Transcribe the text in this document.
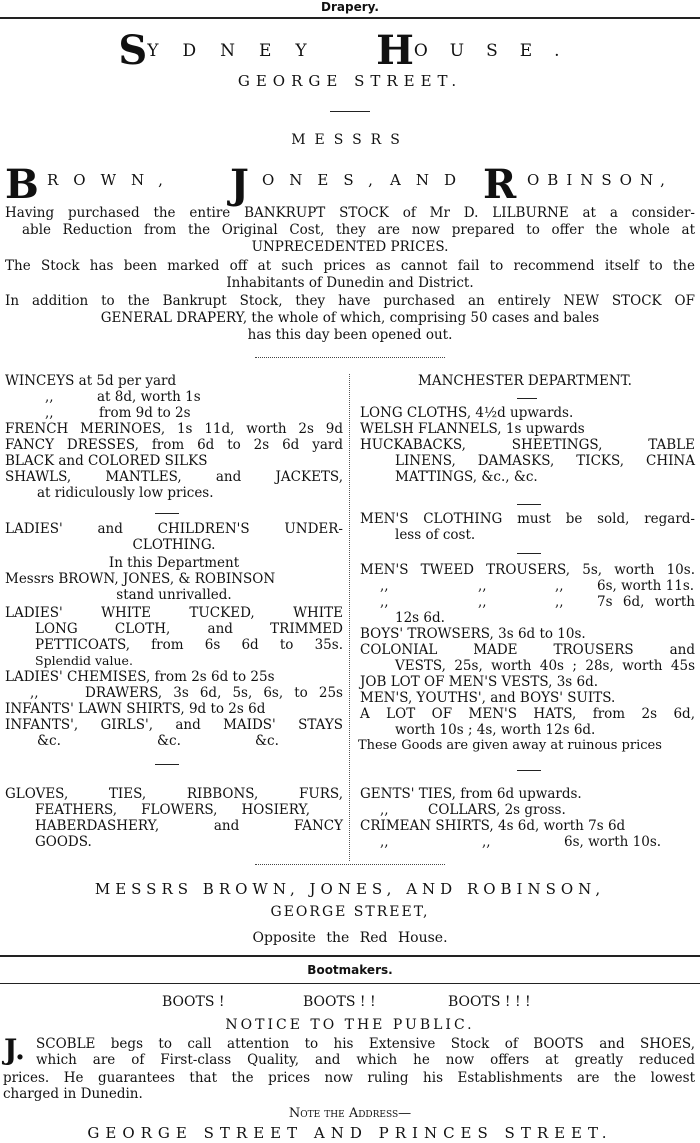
Drapery.
SYDNEY HOUSE.
GEORGE STREET.
MESSRS
B ROWN, J ONES, AND R OBINSON,
Having purchased the entire BANKRUPT STOCK of Mr D. LILBURNE at a consider-
able Reduction from the Original Cost, they are now prepared to offer the whole at
UNPRECEDENTED PRICES.
The Stock has been marked off at such prices as cannot fail to recommend itself to the
Inhabitants of Dunedin and District.
In addition to the Bankrupt Stock, they have purchased an entirely NEW STOCK OF
GENERAL DRAPERY, the whole of which, comprising 50 cases and bales
has this day been opened out.
WINCEYS at 5d per yard
,,	at 8d, worth 1s
,,	from 9d to 2s
FRENCH MERINOES, 1s 11d, worth 2s 9d
FANCY DRESSES, from 6d to 2s 6d yard
BLACK and COLORED SILKS
SHAWLS, MANTLES, and JACKETS,
at ridiculously low prices.
LADIES' and CHILDREN'S UNDER-
CLOTHING.
In this Department
Messrs BROWN, JONES, & ROBINSON
stand unrivalled.
LADIES' WHITE TUCKED, WHITE
LONG CLOTH, and TRIMMED
PETTICOATS, from 6s 6d to 35s.
Splendid value.
LADIES' CHEMISES, from 2s 6d to 25s
,,	DRAWERS, 3s 6d, 5s, 6s, to 25s
INFANTS' LAWN SHIRTS, 9d to 2s 6d
INFANTS', GIRLS', and MAIDS' STAYS
&c.	&c.	&c.
GLOVES, TIES, RIBBONS, FURS,
FEATHERS, FLOWERS, HOSIERY,
HABERDASHERY, and FANCY
GOODS.
MANCHESTER DEPARTMENT.
LONG CLOTHS, 4½d upwards.
WELSH FLANNELS, 1s upwards
HUCKABACKS, SHEETINGS, TABLE
LINENS, DAMASKS, TICKS, CHINA
MATTINGS, &c., &c.
MEN'S CLOTHING must be sold, regard-
less of cost.
MEN'S TWEED TROUSERS, 5s, worth 10s.
,,	,,	,, 6s, worth 11s.
,,	,,	,, 7s 6d, worth
12s 6d.
BOYS' TROWSERS, 3s 6d to 10s.
COLONIAL MADE TROUSERS and
VESTS, 25s, worth 40s ; 28s, worth 45s
JOB LOT OF MEN'S VESTS, 3s 6d.
MEN'S, YOUTHS', and BOYS' SUITS.
A LOT OF MEN'S HATS, from 2s 6d,
worth 10s ; 4s, worth 12s 6d.
These Goods are given away at ruinous prices
GENTS' TIES, from 6d upwards.
,,	COLLARS, 2s gross.
CRIMEAN SHIRTS, 4s 6d, worth 7s 6d
,,	,,	6s, worth 10s.
MESSRS BROWN, JONES, AND ROBINSON,
GEORGE STREET,
Opposite the Red House.
Bootmakers.
BOOTS !	BOOTS ! !	BOOTS ! ! !
NOTICE TO THE PUBLIC.
J. SCOBLE begs to call attention to his Extensive Stock of BOOTS and SHOES,
which are of First-class Quality, and which he now offers at greatly reduced
prices. He guarantees that the prices now ruling his Establishments are the lowest
charged in Dunedin.
Note the Address—
GEORGE STREET AND PRINCES STREET.
